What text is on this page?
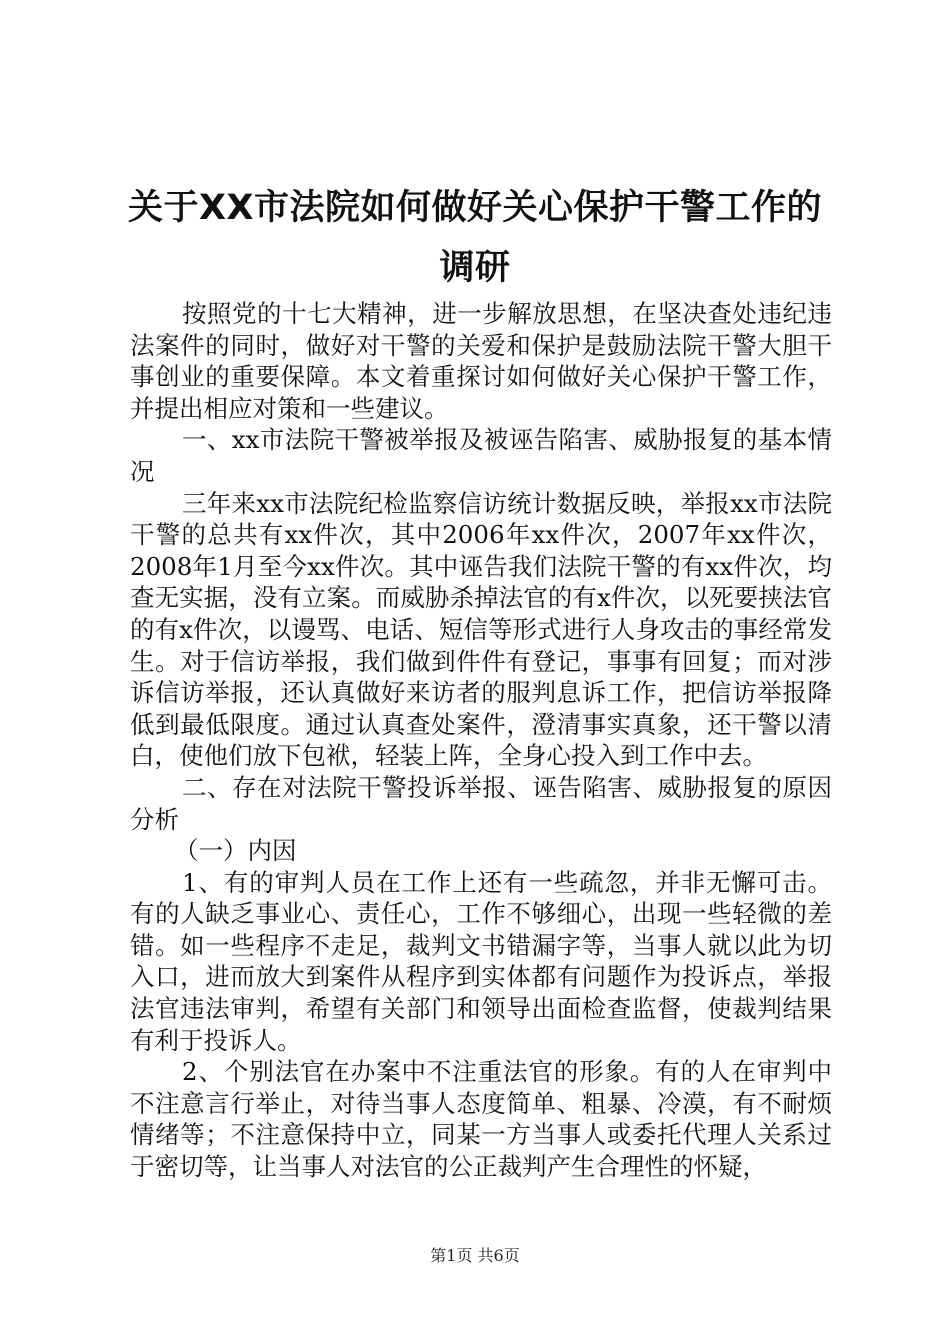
关于XX市法院如何做好关心保护干警工作的
调研

按照党的十七大精神，进一步解放思想，在坚决查处违纪违法案件的同时，做好对干警的关爱和保护是鼓励法院干警大胆干事创业的重要保障。本文着重探讨如何做好关心保护干警工作，并提出相应对策和一些建议。

一、xx市法院干警被举报及被诬告陷害、威胁报复的基本情况

三年来xx市法院纪检监察信访统计数据反映，举报xx市法院干警的总共有xx件次，其中2006年xx件次，2007年xx件次，2008年1月至今xx件次。其中诬告我们法院干警的有xx件次，均查无实据，没有立案。而威胁杀掉法官的有x件次，以死要挟法官的有x件次，以谩骂、电话、短信等形式进行人身攻击的事经常发生。对于信访举报，我们做到件件有登记，事事有回复；而对涉诉信访举报，还认真做好来访者的服判息诉工作，把信访举报降低到最低限度。通过认真查处案件，澄清事实真象，还干警以清白，使他们放下包袱，轻装上阵，全身心投入到工作中去。

二、存在对法院干警投诉举报、诬告陷害、威胁报复的原因分析

（一）内因

1、有的审判人员在工作上还有一些疏忽，并非无懈可击。有的人缺乏事业心、责任心，工作不够细心，出现一些轻微的差错。如一些程序不走足，裁判文书错漏字等，当事人就以此为切入口，进而放大到案件从程序到实体都有问题作为投诉点，举报法官违法审判，希望有关部门和领导出面检查监督，使裁判结果有利于投诉人。

2、个别法官在办案中不注重法官的形象。有的人在审判中不注意言行举止，对待当事人态度简单、粗暴、冷漠，有不耐烦情绪等；不注意保持中立，同某一方当事人或委托代理人关系过于密切等，让当事人对法官的公正裁判产生合理性的怀疑，

第1页 共6页
